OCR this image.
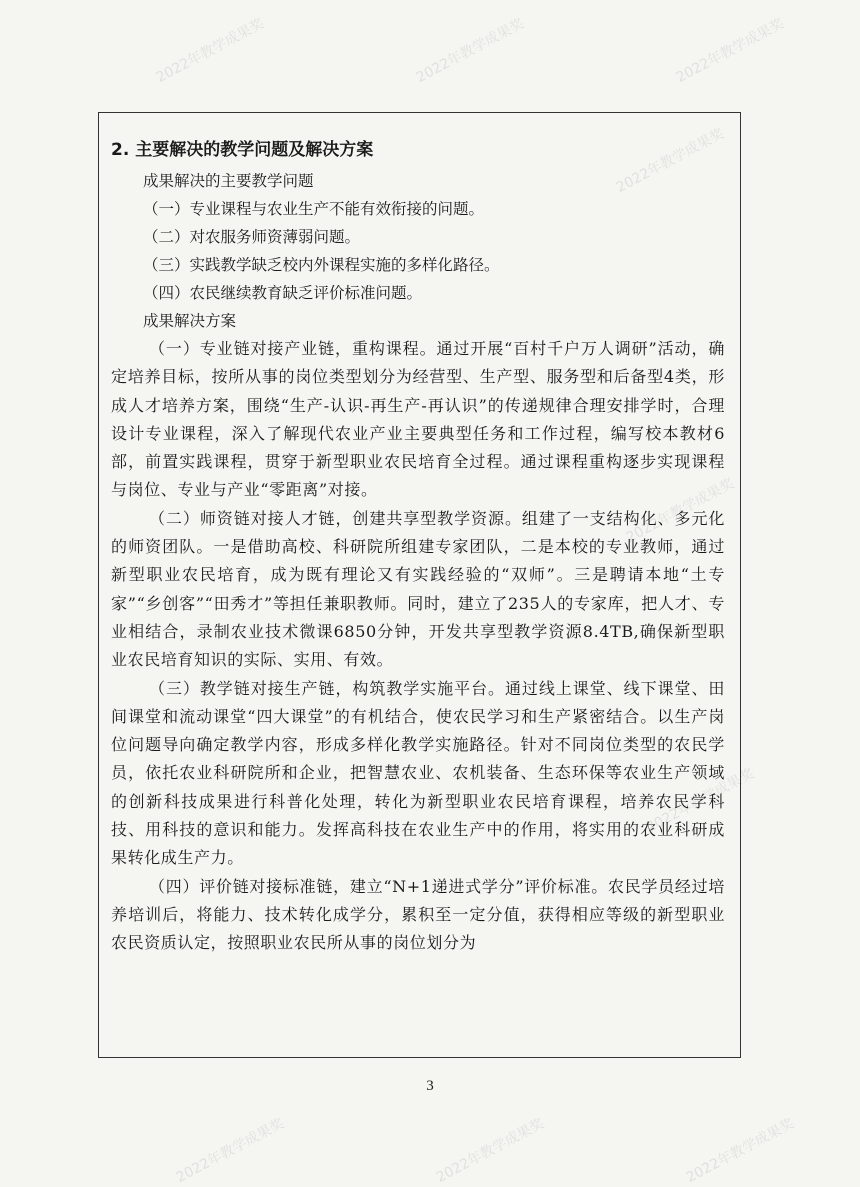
2022年教学成果奖	2022年教学成果奖	2022年教学成果奖
2022年教学成果奖
2022年教学成果奖
2022年教学成果奖
2022年教学成果奖	2022年教学成果奖	2022年教学成果奖
2. 主要解决的教学问题及解决方案

成果解决的主要教学问题

（一）专业课程与农业生产不能有效衔接的问题。

（二）对农服务师资薄弱问题。

（三）实践教学缺乏校内外课程实施的多样化路径。

（四）农民继续教育缺乏评价标准问题。

成果解决方案

（一）专业链对接产业链，重构课程。通过开展“百村千户万人调研”活动，确定培养目标，按所从事的岗位类型划分为经营型、生产型、服务型和后备型4类，形成人才培养方案，围绕“生产-认识-再生产-再认识”的传递规律合理安排学时，合理设计专业课程，深入了解现代农业产业主要典型任务和工作过程，编写校本教材6部，前置实践课程，贯穿于新型职业农民培育全过程。通过课程重构逐步实现课程与岗位、专业与产业“零距离”对接。

（二）师资链对接人才链，创建共享型教学资源。组建了一支结构化、多元化的师资团队。一是借助高校、科研院所组建专家团队，二是本校的专业教师，通过新型职业农民培育，成为既有理论又有实践经验的“双师”。三是聘请本地“土专家”“乡创客”“田秀才”等担任兼职教师。同时，建立了235人的专家库，把人才、专业相结合，录制农业技术微课6850分钟，开发共享型教学资源8.4TB,确保新型职业农民培育知识的实际、实用、有效。

（三）教学链对接生产链，构筑教学实施平台。通过线上课堂、线下课堂、田间课堂和流动课堂“四大课堂”的有机结合，使农民学习和生产紧密结合。以生产岗位问题导向确定教学内容，形成多样化教学实施路径。针对不同岗位类型的农民学员，依托农业科研院所和企业，把智慧农业、农机装备、生态环保等农业生产领域的创新科技成果进行科普化处理，转化为新型职业农民培育课程，培养农民学科技、用科技的意识和能力。发挥高科技在农业生产中的作用，将实用的农业科研成果转化成生产力。

（四）评价链对接标准链，建立“N+1递进式学分”评价标准。农民学员经过培养培训后，将能力、技术转化成学分，累积至一定分值，获得相应等级的新型职业农民资质认定，按照职业农民所从事的岗位划分为

3
